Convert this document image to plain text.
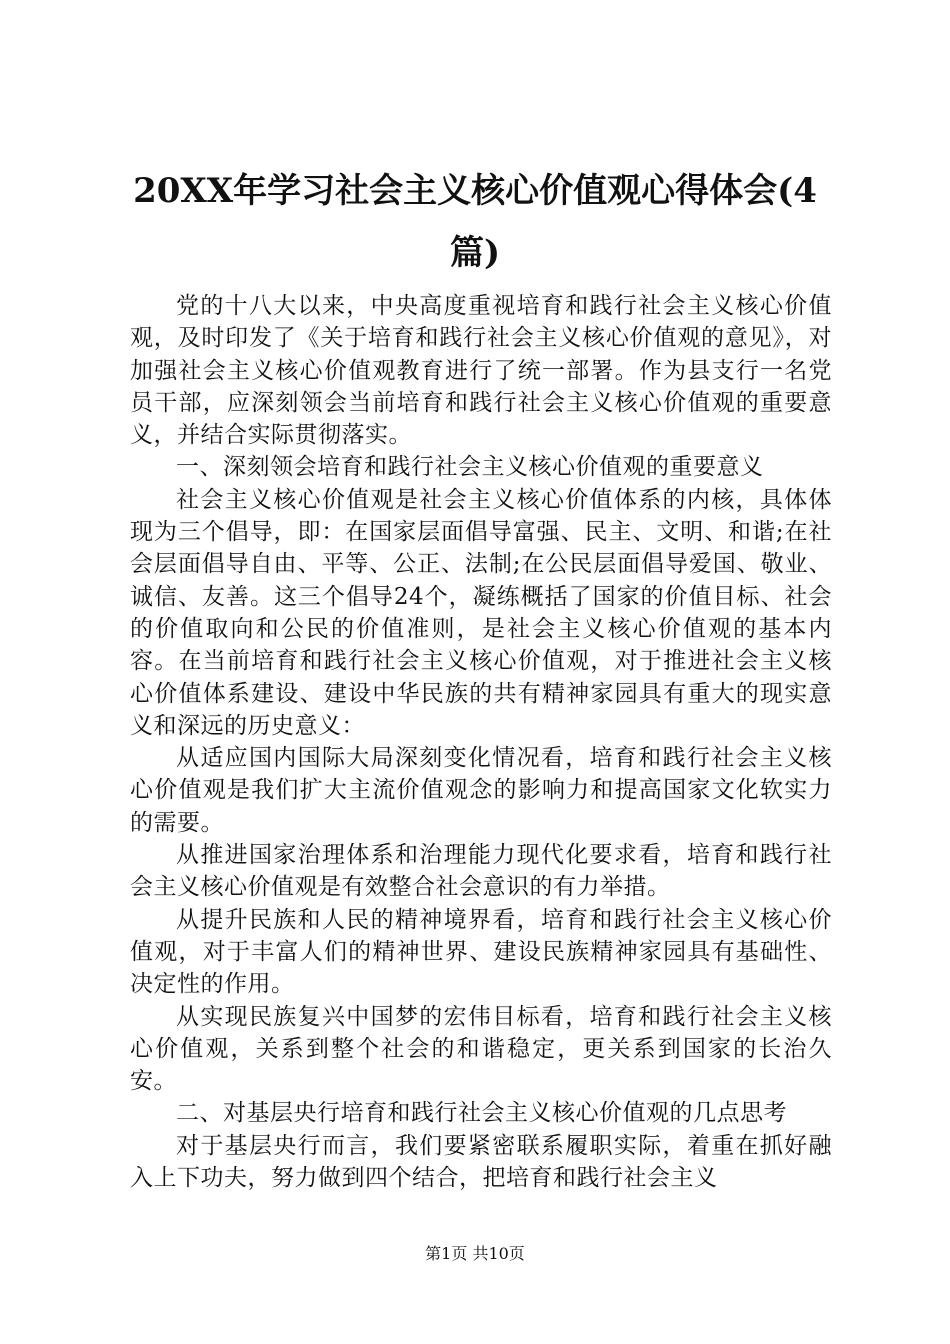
20XX年学习社会主义核心价值观心得体会(4篇)

党的十八大以来，中央高度重视培育和践行社会主义核心价值观，及时印发了《关于培育和践行社会主义核心价值观的意见》，对加强社会主义核心价值观教育进行了统一部署。作为县支行一名党员干部，应深刻领会当前培育和践行社会主义核心价值观的重要意义，并结合实际贯彻落实。

一、深刻领会培育和践行社会主义核心价值观的重要意义

社会主义核心价值观是社会主义核心价值体系的内核，具体体现为三个倡导，即：在国家层面倡导富强、民主、文明、和谐;在社会层面倡导自由、平等、公正、法制;在公民层面倡导爱国、敬业、诚信、友善。这三个倡导24个，凝练概括了国家的价值目标、社会的价值取向和公民的价值准则，是社会主义核心价值观的基本内容。在当前培育和践行社会主义核心价值观，对于推进社会主义核心价值体系建设、建设中华民族的共有精神家园具有重大的现实意义和深远的历史意义：

从适应国内国际大局深刻变化情况看，培育和践行社会主义核心价值观是我们扩大主流价值观念的影响力和提高国家文化软实力的需要。

从推进国家治理体系和治理能力现代化要求看，培育和践行社会主义核心价值观是有效整合社会意识的有力举措。

从提升民族和人民的精神境界看，培育和践行社会主义核心价值观，对于丰富人们的精神世界、建设民族精神家园具有基础性、决定性的作用。

从实现民族复兴中国梦的宏伟目标看，培育和践行社会主义核心价值观，关系到整个社会的和谐稳定，更关系到国家的长治久安。

二、对基层央行培育和践行社会主义核心价值观的几点思考

对于基层央行而言，我们要紧密联系履职实际，着重在抓好融入上下功夫，努力做到四个结合，把培育和践行社会主义

第1页 共10页
